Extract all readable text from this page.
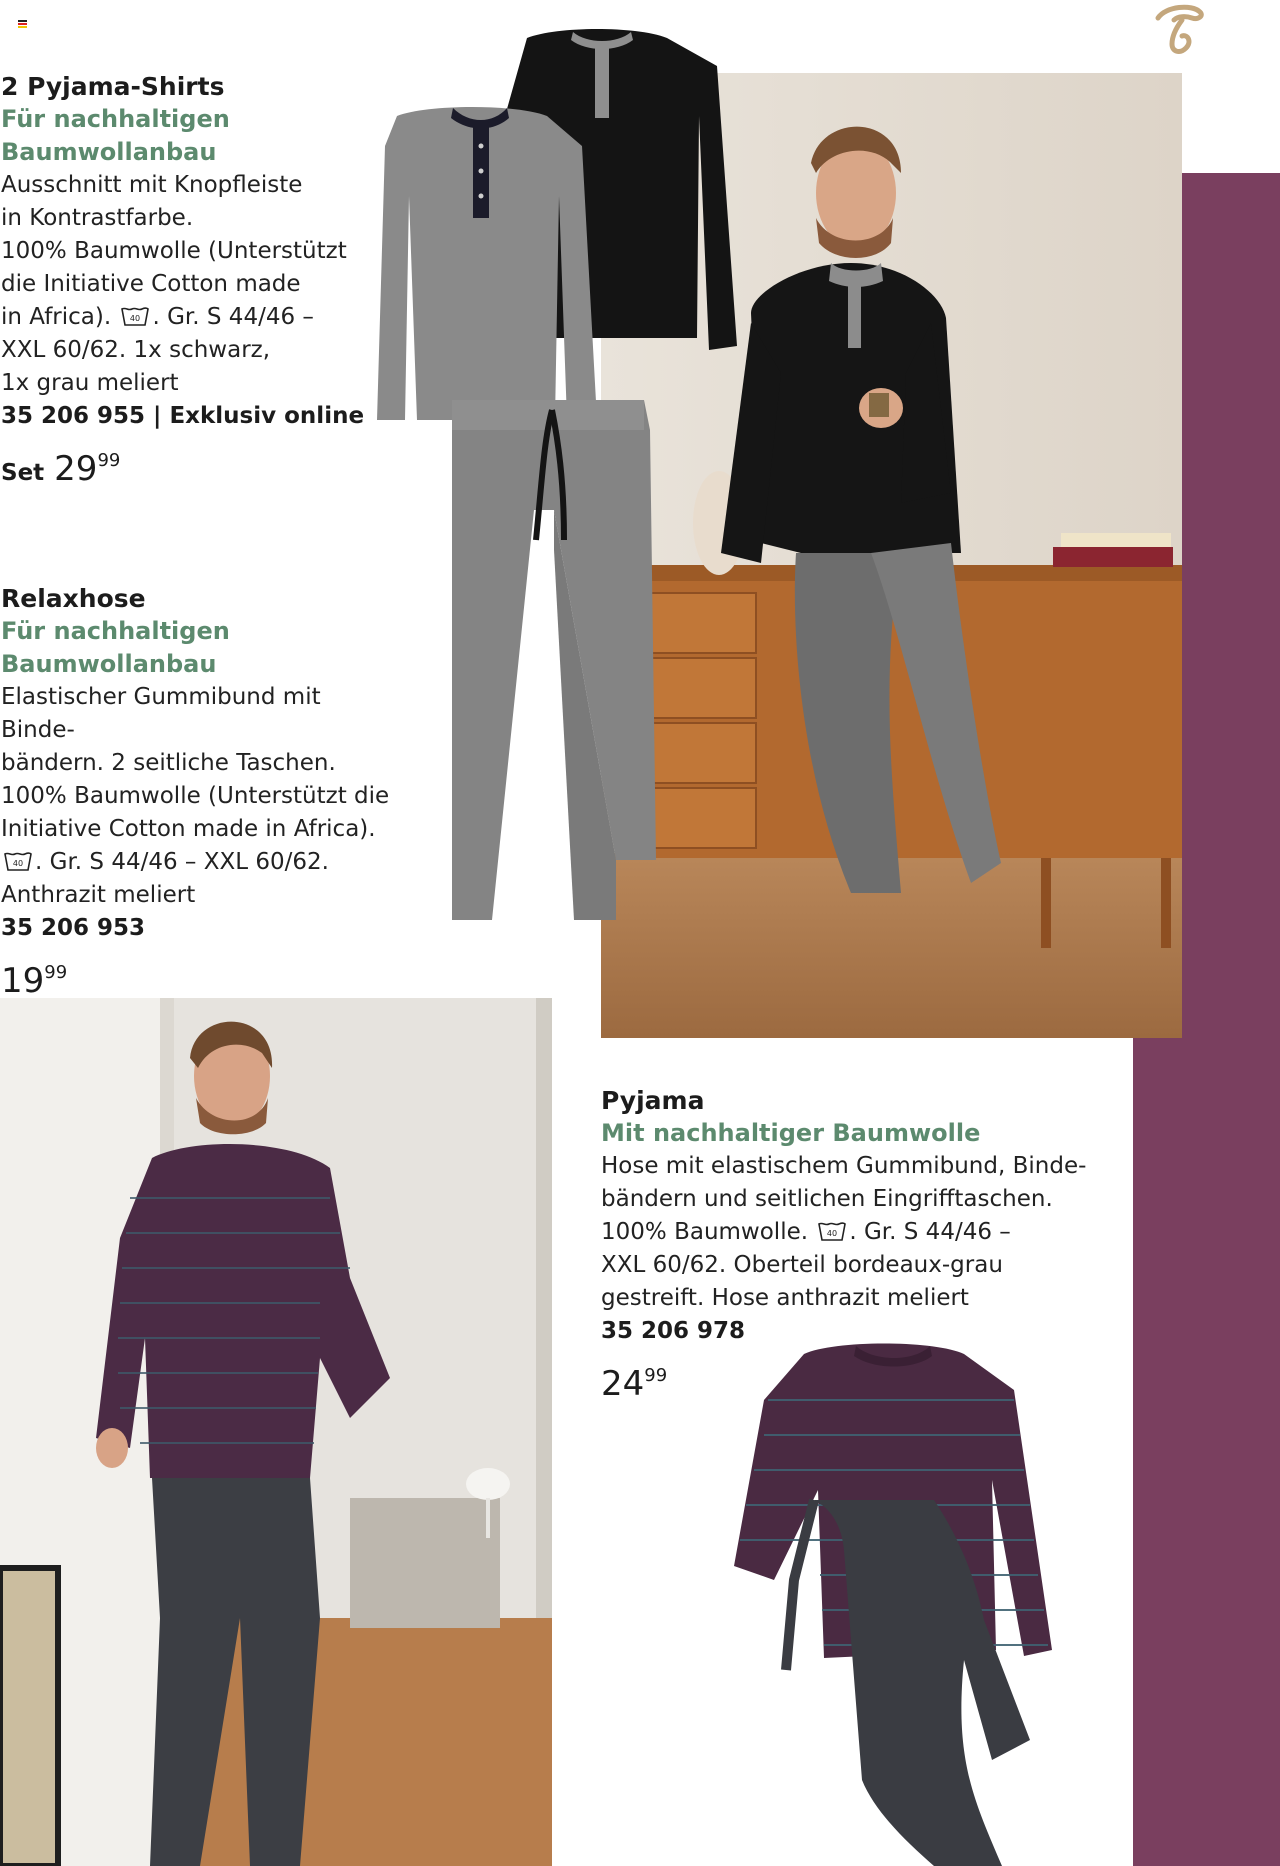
2 Pyjama-Shirts
Für nachhaltigen
Baumwollanbau
Ausschnitt mit Knopfleiste
in Kontrastfarbe.
100% Baumwolle (Unterstützt
die Initiative Cotton made
in Africa). 40 . Gr. S 44/46 –
XXL 60/62. 1x schwarz,
1x grau meliert
35 206 955 | Exklusiv online
Set 2999
Relaxhose
Für nachhaltigen
Baumwollanbau
Elastischer Gummibund mit Binde-
bändern. 2 seitliche Taschen.
100% Baumwolle (Unterstützt die
Initiative Cotton made in Africa).
40 . Gr. S 44/46 – XXL 60/62.
Anthrazit meliert
35 206 953
1999
Pyjama
Mit nachhaltiger Baumwolle
Hose mit elastischem Gummibund, Binde-
bändern und seitlichen Eingrifftaschen.
100% Baumwolle. 40 . Gr. S 44/46 –
XXL 60/62. Oberteil bordeaux-grau
gestreift. Hose anthrazit meliert
35 206 978
2499
